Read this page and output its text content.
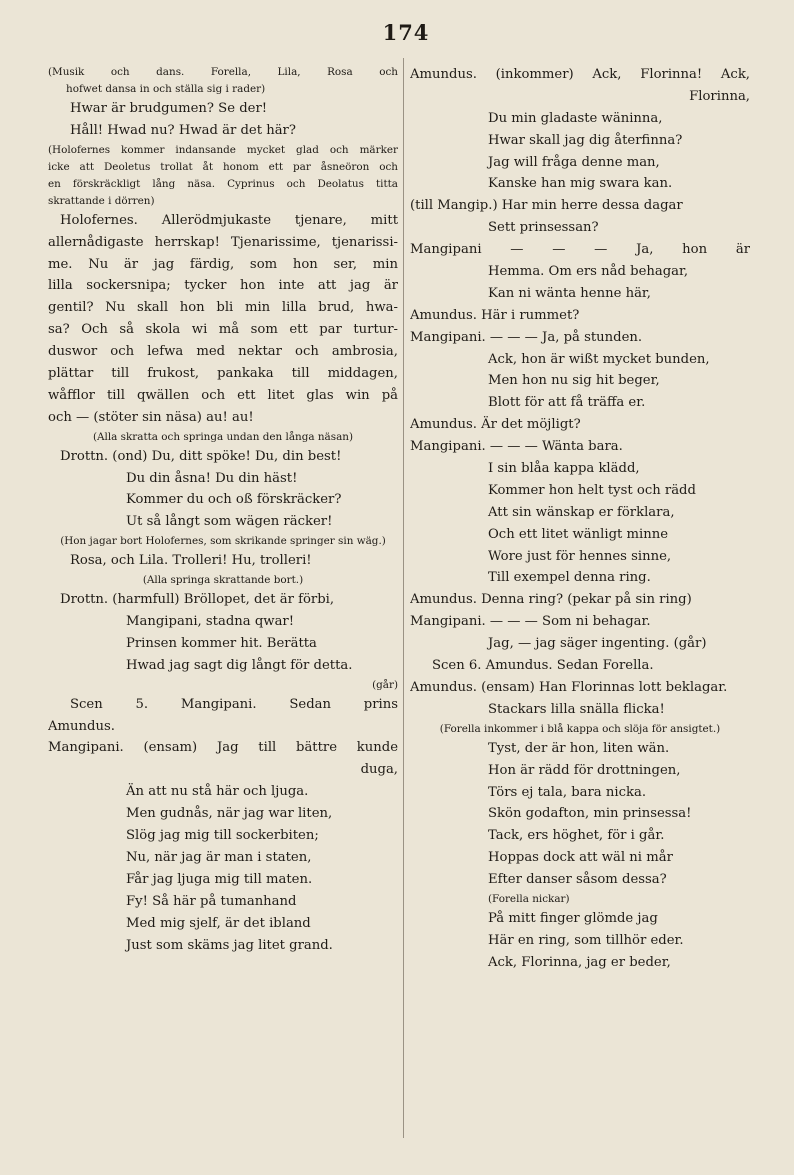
174
(Musik och dans. Forella, Lila, Rosa och
hofwet dansa in och ställa sig i rader)
Hwar är brudgumen? Se der!
Håll! Hwad nu? Hwad är det här?
(Holofernes kommer indansande mycket glad och märker
icke att Deoletus trollat åt honom ett par åsneöron och
en förskräckligt lång näsa. Cyprinus och Deolatus titta
skrattande i dörren)
Holofernes. Allerödmjukaste tjenare, mitt
allernådigaste herrskap! Tjenarissime, tjenarissi-
me. Nu är jag färdig, som hon ser, min
lilla sockersnipa; tycker hon inte att jag är
gentil? Nu skall hon bli min lilla brud, hwa-
sa? Och så skola wi må som ett par turtur-
duswor och lefwa med nektar och ambrosia,
plättar till frukost, pankaka till middagen,
wåfflor till qwällen och ett litet glas win på
och — (stöter sin näsa) au! au!
(Alla skratta och springa undan den långa näsan)
Drottn. (ond) Du, ditt spöke! Du, din best!
Du din åsna! Du din häst!
Kommer du och oß förskräcker?
Ut så långt som wägen räcker!
(Hon jagar bort Holofernes, som skrikande springer sin wäg.)
Rosa, och Lila. Trolleri! Hu, trolleri!
(Alla springa skrattande bort.)
Drottn. (harmfull) Bröllopet, det är förbi,
Mangipani, stadna qwar!
Prinsen kommer hit. Berätta
Hwad jag sagt dig långt för detta.
(går)
Scen 5. Mangipani. Sedan prins
Amundus.
Mangipani. (ensam) Jag till bättre kunde
duga,
Än att nu stå här och ljuga.
Men gudnås, när jag war liten,
Slög jag mig till sockerbiten;
Nu, när jag är man i staten,
Får jag ljuga mig till maten.
Fy! Så här på tumanhand
Med mig sjelf, är det ibland
Just som skäms jag litet grand.
Amundus. (inkommer) Ack, Florinna! Ack,
Florinna,
Du min gladaste wäninna,
Hwar skall jag dig återfinna?
Jag will fråga denne man,
Kanske han mig swara kan.
(till Mangip.) Har min herre dessa dagar
Sett prinsessan?
Mangipani — — — Ja, hon är
Hemma. Om ers nåd behagar,
Kan ni wänta henne här,
Amundus. Här i rummet?
Mangipani. — — — Ja, på stunden.
Ack, hon är wißt mycket bunden,
Men hon nu sig hit beger,
Blott för att få träffa er.
Amundus. Är det möjligt?
Mangipani. — — — Wänta bara.
I sin blåa kappa klädd,
Kommer hon helt tyst och rädd
Att sin wänskap er förklara,
Och ett litet wänligt minne
Wore just för hennes sinne,
Till exempel denna ring.
Amundus. Denna ring? (pekar på sin ring)
Mangipani. — — — Som ni behagar.
Jag, — jag säger ingenting. (går)
Scen 6. Amundus. Sedan Forella.
Amundus. (ensam) Han Florinnas lott beklagar.
Stackars lilla snälla flicka!
(Forella inkommer i blå kappa och slöja för ansigtet.)
Tyst, der är hon, liten wän.
Hon är rädd för drottningen,
Törs ej tala, bara nicka.
Skön godafton, min prinsessa!
Tack, ers höghet, för i går.
Hoppas dock att wäl ni mår
Efter danser såsom dessa?
(Forella nickar)
På mitt finger glömde jag
Här en ring, som tillhör eder.
Ack, Florinna, jag er beder,
